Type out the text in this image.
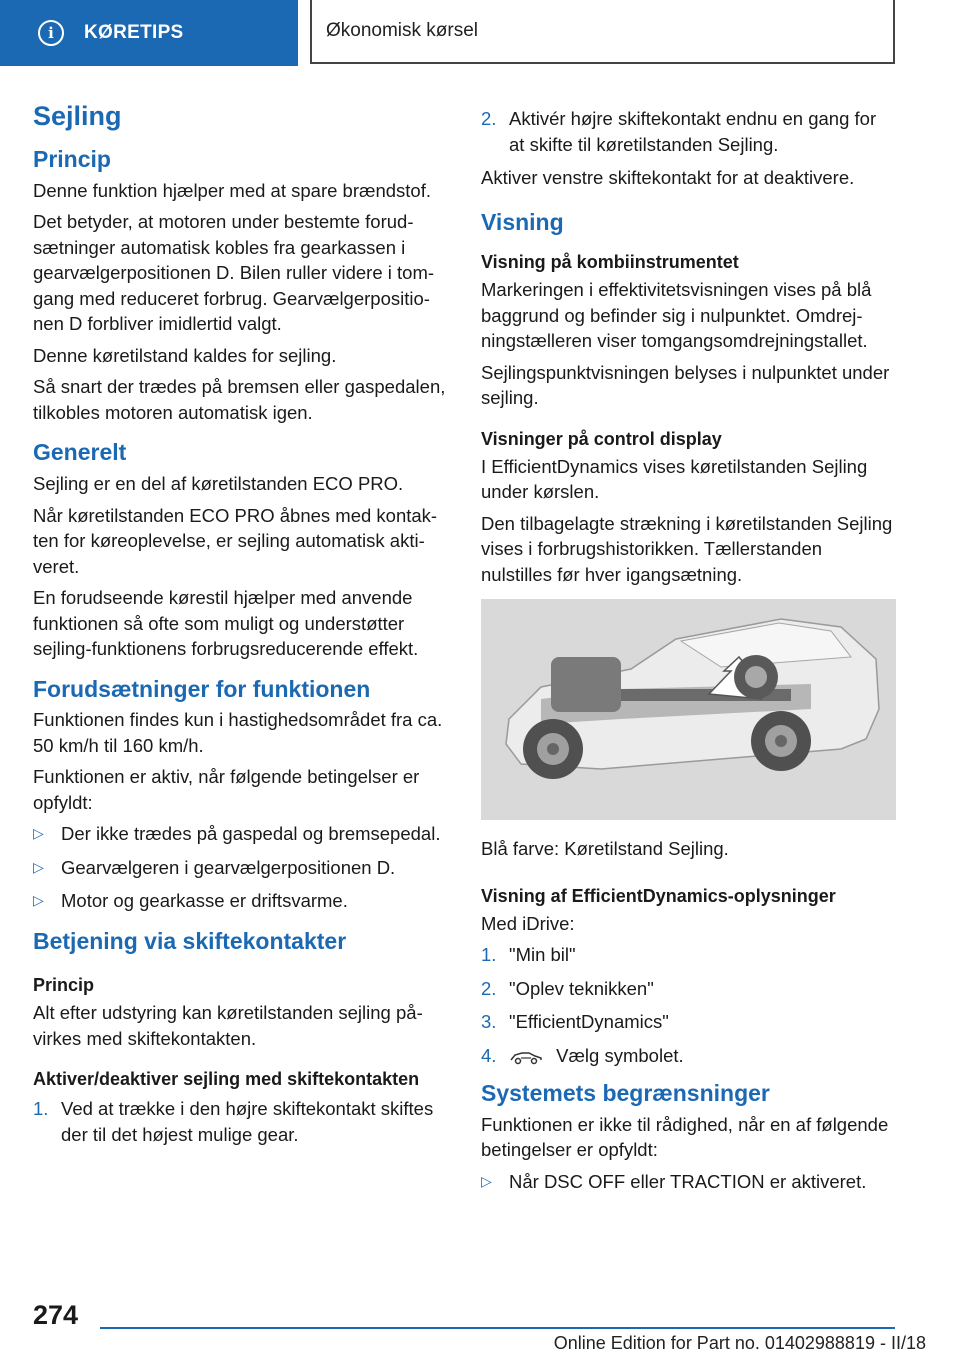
i	KØRETIPS	Økonomisk kørsel
Sejling
Princip

Denne funktion hjælper med at spare brændstof.

Det betyder, at motoren under bestemte forudsætninger automatisk kobles fra gearkassen i gearvælgerpositionen D. Bilen ruller videre i tomgang med reduceret forbrug. Gearvælgerpositionen D forbliver imidlertid valgt.

Denne køretilstand kaldes for sejling.

Så snart der trædes på bremsen eller gaspedalen, tilkobles motoren automatisk igen.

Generelt

Sejling er en del af køretilstanden ECO PRO.

Når køretilstanden ECO PRO åbnes med kontakten for køreoplevelse, er sejling automatisk aktiveret.

En forudseende kørestil hjælper med anvende funktionen så ofte som muligt og understøtter sejling-funktionens forbrugsreducerende effekt.

Forudsætninger for funktionen

Funktionen findes kun i hastighedsområdet fra ca. 50 km/h til 160 km/h.

Funktionen er aktiv, når følgende betingelser er opfyldt:

▷ Der ikke trædes på gaspedal og bremsepedal.
▷ Gearvælgeren i gearvælgerpositionen D.
▷ Motor og gearkasse er driftsvarme.
Betjening via skiftekontakter
Princip

Alt efter udstyring kan køretilstanden sejling påvirkes med skiftekontakten.

Aktiver/deaktiver sejling med skiftekontakten
1. Ved at trække i den højre skiftekontakt skiftes der til det højest mulige gear.
2. Aktivér højre skiftekontakt endnu en gang for at skifte til køretilstanden Sejling.

Aktiver venstre skiftekontakt for at deaktivere.

Visning
Visning på kombiinstrumentet

Markeringen i effektivitetsvisningen vises på blå baggrund og befinder sig i nulpunktet. Omdrejningstælleren viser tomgangsomdrejningstallet.

Sejlingspunktvisningen belyses i nulpunktet under sejling.

Visninger på control display

I EfficientDynamics vises køretilstanden Sejling under kørslen.

Den tilbagelagte strækning i køretilstanden Sejling vises i forbrugshistorikken. Tællerstanden nulstilles før hver igangsætning.

Blå farve: Køretilstand Sejling.

Visning af EfficientDynamics-oplysninger

Med iDrive:

1. "Min bil"
2. "Oplev teknikken"
3. "EfficientDynamics"
4.	Vælg symbolet.
Systemets begrænsninger

Funktionen er ikke til rådighed, når en af følgende betingelser er opfyldt:

▷ Når DSC OFF eller TRACTION er aktiveret.
274
Online Edition for Part no. 01402988819 - II/18
